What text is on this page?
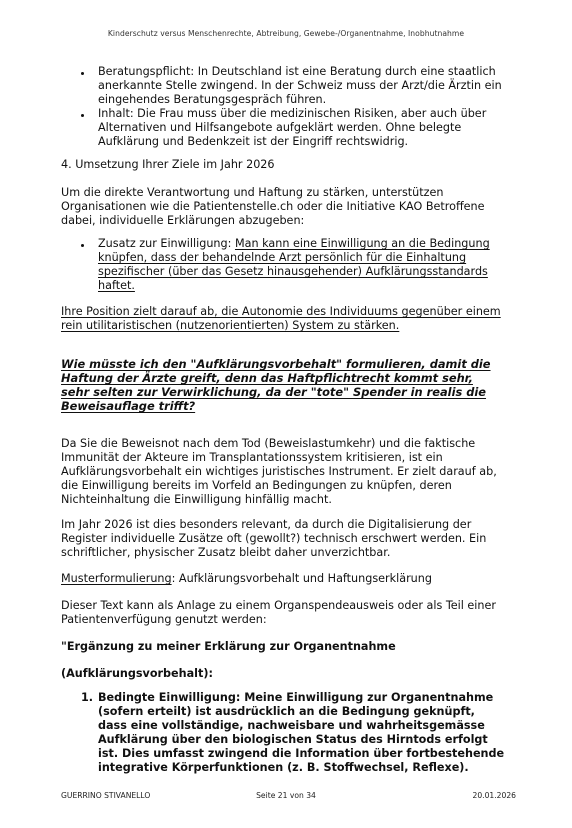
Kinderschutz versus Menschenrechte, Abtreibung, Gewebe-/Organentnahme, Inobhutnahme
Beratungspflicht: In Deutschland ist eine Beratung durch eine staatlich anerkannte Stelle zwingend. In der Schweiz muss der Arzt/die Ärztin ein eingehendes Beratungsgespräch führen.
Inhalt: Die Frau muss über die medizinischen Risiken, aber auch über Alternativen und Hilfsangebote aufgeklärt werden. Ohne belegte Aufklärung und Bedenkzeit ist der Eingriff rechtswidrig.
4. Umsetzung Ihrer Ziele im Jahr 2026
Um die direkte Verantwortung und Haftung zu stärken, unterstützen Organisationen wie die Patientenstelle.ch oder die Initiative KAO Betroffene dabei, individuelle Erklärungen abzugeben:
Zusatz zur Einwilligung: Man kann eine Einwilligung an die Bedingung knüpfen, dass der behandelnde Arzt persönlich für die Einhaltung spezifischer (über das Gesetz hinausgehender) Aufklärungsstandards haftet.
Ihre Position zielt darauf ab, die Autonomie des Individuums gegenüber einem rein utilitaristischen (nutzenorientierten) System zu stärken.
Wie müsste ich den "Aufklärungsvorbehalt" formulieren, damit die Haftung der Ärzte greift, denn das Haftpflichtrecht kommt sehr, sehr selten zur Verwirklichung, da der "tote" Spender in realis die Beweisauflage trifft?
Da Sie die Beweisnot nach dem Tod (Beweislastumkehr) und die faktische Immunität der Akteure im Transplantationssystem kritisieren, ist ein Aufklärungsvorbehalt ein wichtiges juristisches Instrument. Er zielt darauf ab, die Einwilligung bereits im Vorfeld an Bedingungen zu knüpfen, deren Nichteinhaltung die Einwilligung hinfällig macht.
Im Jahr 2026 ist dies besonders relevant, da durch die Digitalisierung der Register individuelle Zusätze oft (gewollt?) technisch erschwert werden. Ein schriftlicher, physischer Zusatz bleibt daher unverzichtbar.
Musterformulierung: Aufklärungsvorbehalt und Haftungserklärung
Dieser Text kann als Anlage zu einem Organspendeausweis oder als Teil einer Patientenverfügung genutzt werden:
"Ergänzung zu meiner Erklärung zur Organentnahme
(Aufklärungsvorbehalt):
1. Bedingte Einwilligung: Meine Einwilligung zur Organentnahme (sofern erteilt) ist ausdrücklich an die Bedingung geknüpft, dass eine vollständige, nachweisbare und wahrheitsgemässe Aufklärung über den biologischen Status des Hirntods erfolgt ist. Dies umfasst zwingend die Information über fortbestehende integrative Körperfunktionen (z. B. Stoffwechsel, Reflexe).
GUERRINO STIVANELLO	Seite 21 von 34	20.01.2026
